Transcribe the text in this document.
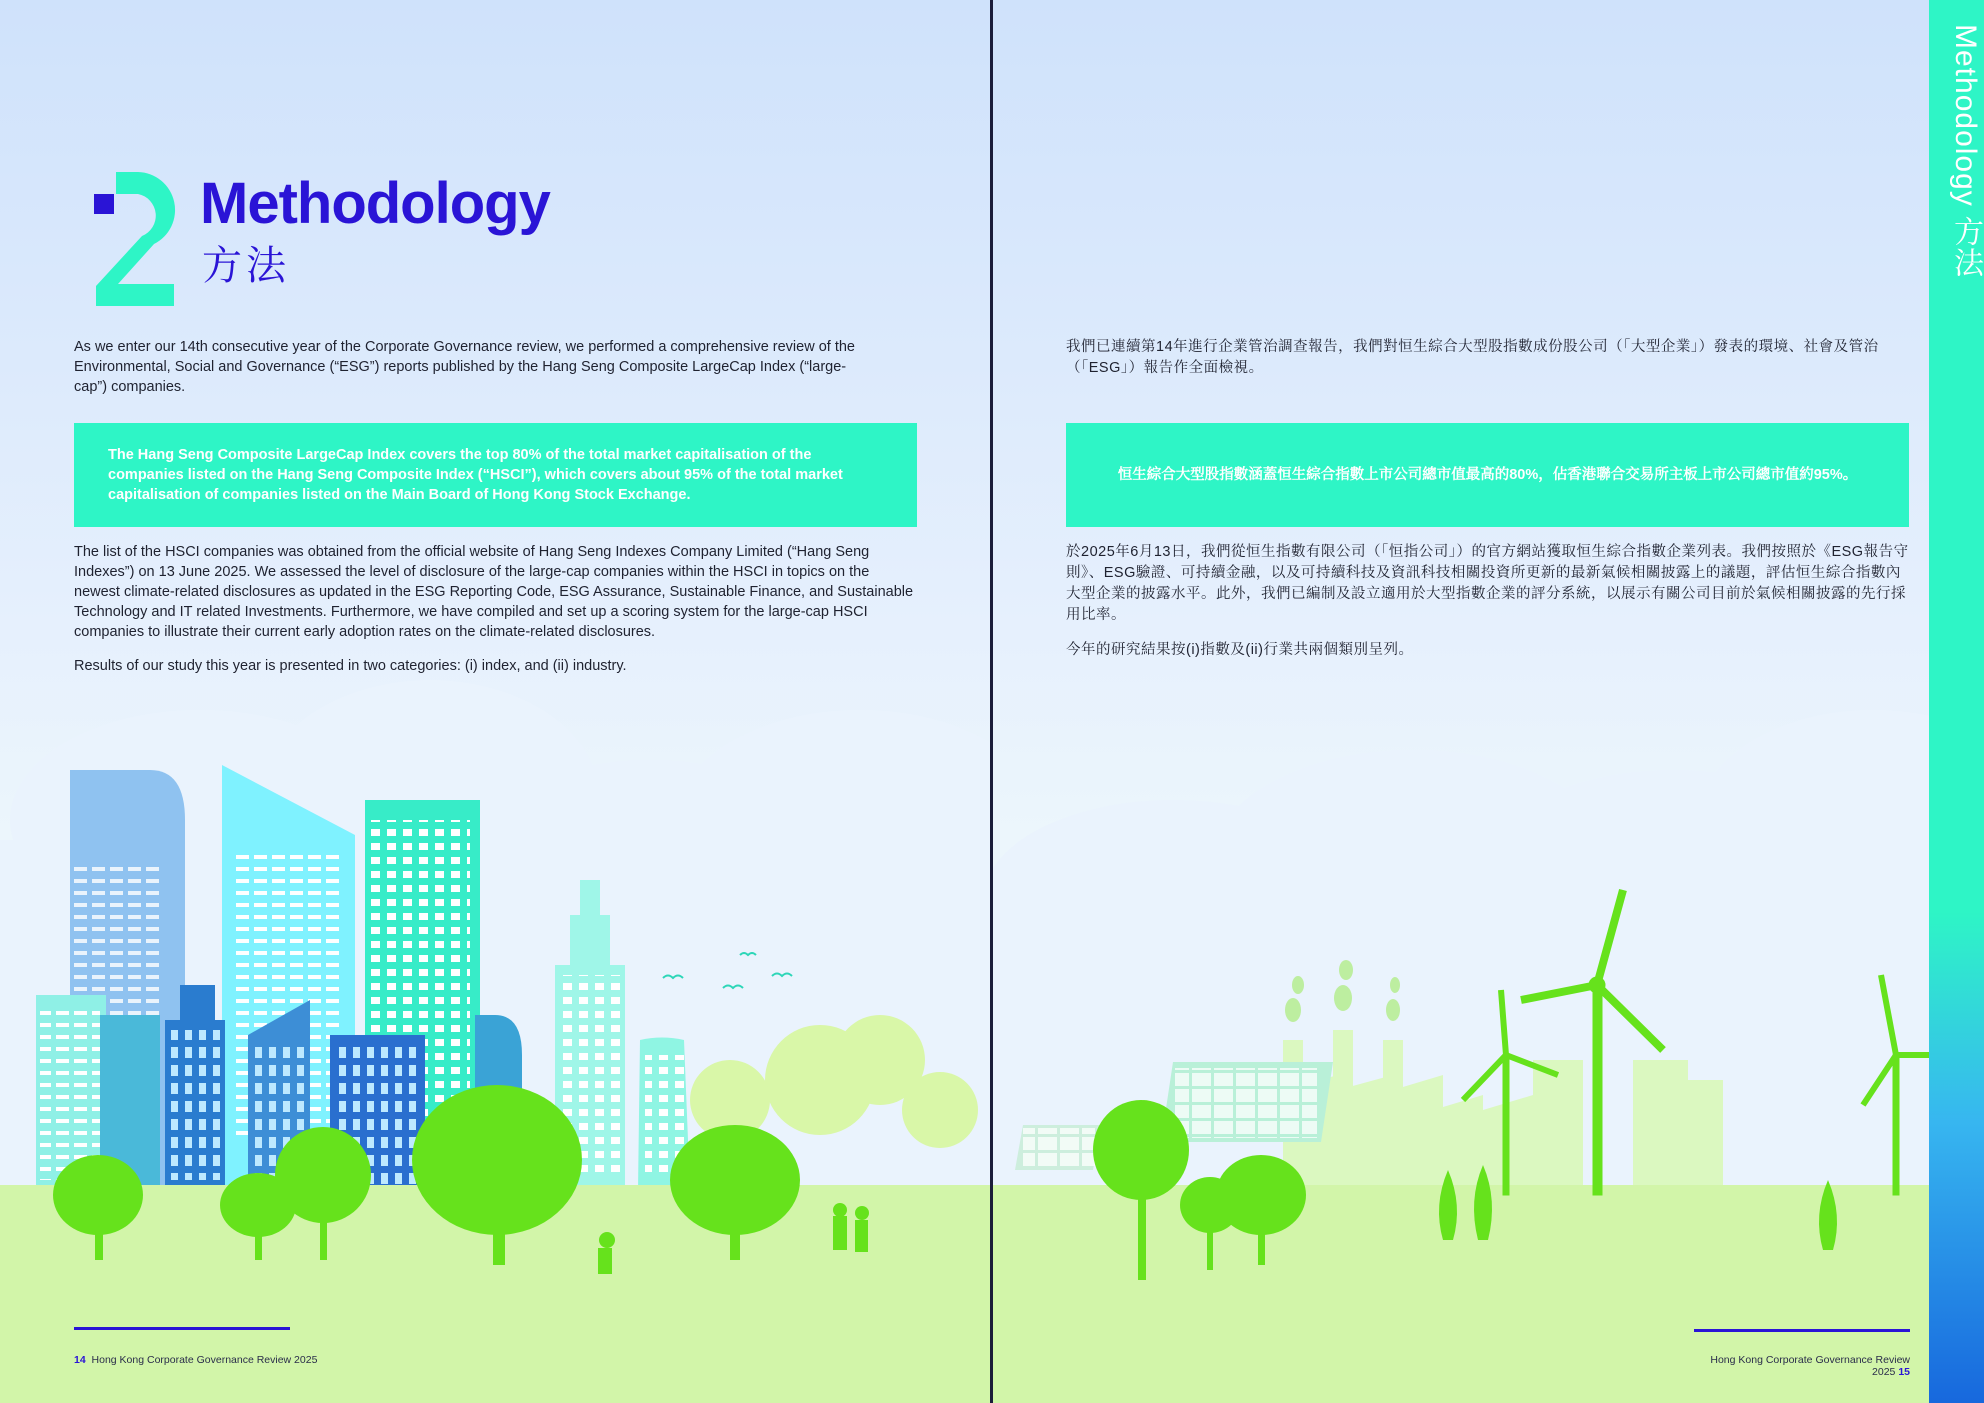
Methodology
方法
As we enter our 14th consecutive year of the Corporate Governance review, we performed a comprehensive review of the Environmental, Social and Governance (“ESG”) reports published by the Hang Seng Composite LargeCap Index (“large-cap”) companies.
The Hang Seng Composite LargeCap Index covers the top 80% of the total market capitalisation of the companies listed on the Hang Seng Composite Index (“HSCI”), which covers about 95% of the total market capitalisation of companies listed on the Main Board of Hong Kong Stock Exchange.
The list of the HSCI companies was obtained from the official website of Hang Seng Indexes Company Limited (“Hang Seng Indexes”) on 13 June 2025. We assessed the level of disclosure of the large-cap companies within the HSCI in topics on the newest climate-related disclosures as updated in the ESG Reporting Code, ESG Assurance, Sustainable Finance, and Sustainable Technology and IT related Investments. Furthermore, we have compiled and set up a scoring system for the large-cap HSCI companies to illustrate their current early adoption rates on the climate-related disclosures.
Results of our study this year is presented in two categories: (i) index, and (ii) industry.
14 Hong Kong Corporate Governance Review 2025
我們已連續第14年進行企業管治調查報告，我們對恒生綜合大型股指數成份股公司（「大型企業」）發表的環境、社會及管治（「ESG」）報告作全面檢視。
恒生綜合大型股指數涵蓋恒生綜合指數上市公司總市值最高的80%，佔香港聯合交易所主板上市公司總市值約95%。
於2025年6月13日，我們從恒生指數有限公司（「恒指公司」）的官方網站獲取恒生綜合指數企業列表。我們按照於《ESG報告守則》、ESG驗證、可持續金融，以及可持續科技及資訊科技相關投資所更新的最新氣候相關披露上的議題，評估恒生綜合指數內大型企業的披露水平。此外，我們已編制及設立適用於大型指數企業的評分系統，以展示有關公司目前於氣候相關披露的先行採用比率。
今年的研究結果按(i)指數及(ii)行業共兩個類別呈列。
Hong Kong Corporate Governance Review 2025 15
Methodology 方法
